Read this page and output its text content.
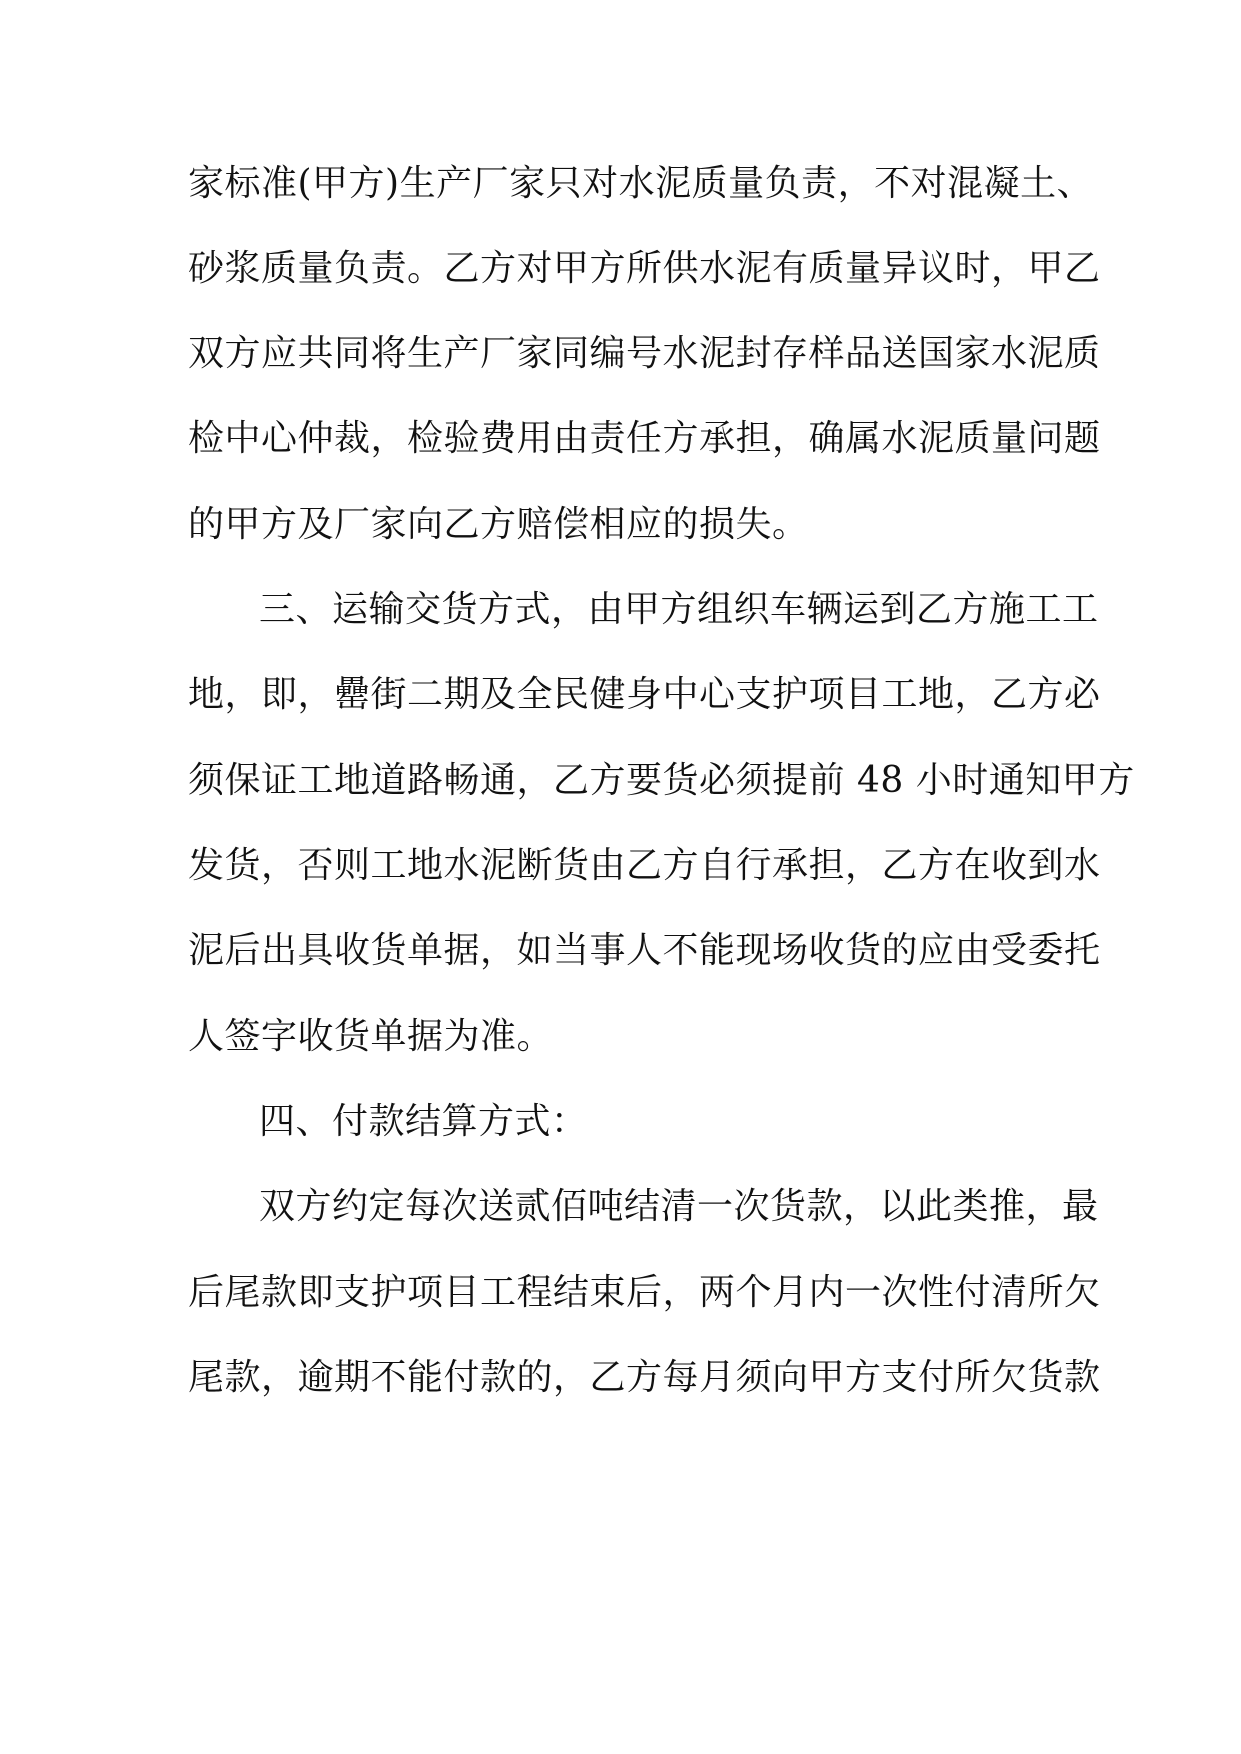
家标准(甲方)生产厂家只对水泥质量负责，不对混凝土、
砂浆质量负责。乙方对甲方所供水泥有质量异议时，甲乙
双方应共同将生产厂家同编号水泥封存样品送国家水泥质
检中心仲裁，检验费用由责任方承担，确属水泥质量问题
的甲方及厂家向乙方赔偿相应的损失。
三、运输交货方式，由甲方组织车辆运到乙方施工工
地，即，罍街二期及全民健身中心支护项目工地，乙方必
须保证工地道路畅通，乙方要货必须提前 48 小时通知甲方
发货，否则工地水泥断货由乙方自行承担，乙方在收到水
泥后出具收货单据，如当事人不能现场收货的应由受委托
人签字收货单据为准。
四、付款结算方式：
双方约定每次送贰佰吨结清一次货款，以此类推，最
后尾款即支护项目工程结束后，两个月内一次性付清所欠
尾款，逾期不能付款的，乙方每月须向甲方支付所欠货款
